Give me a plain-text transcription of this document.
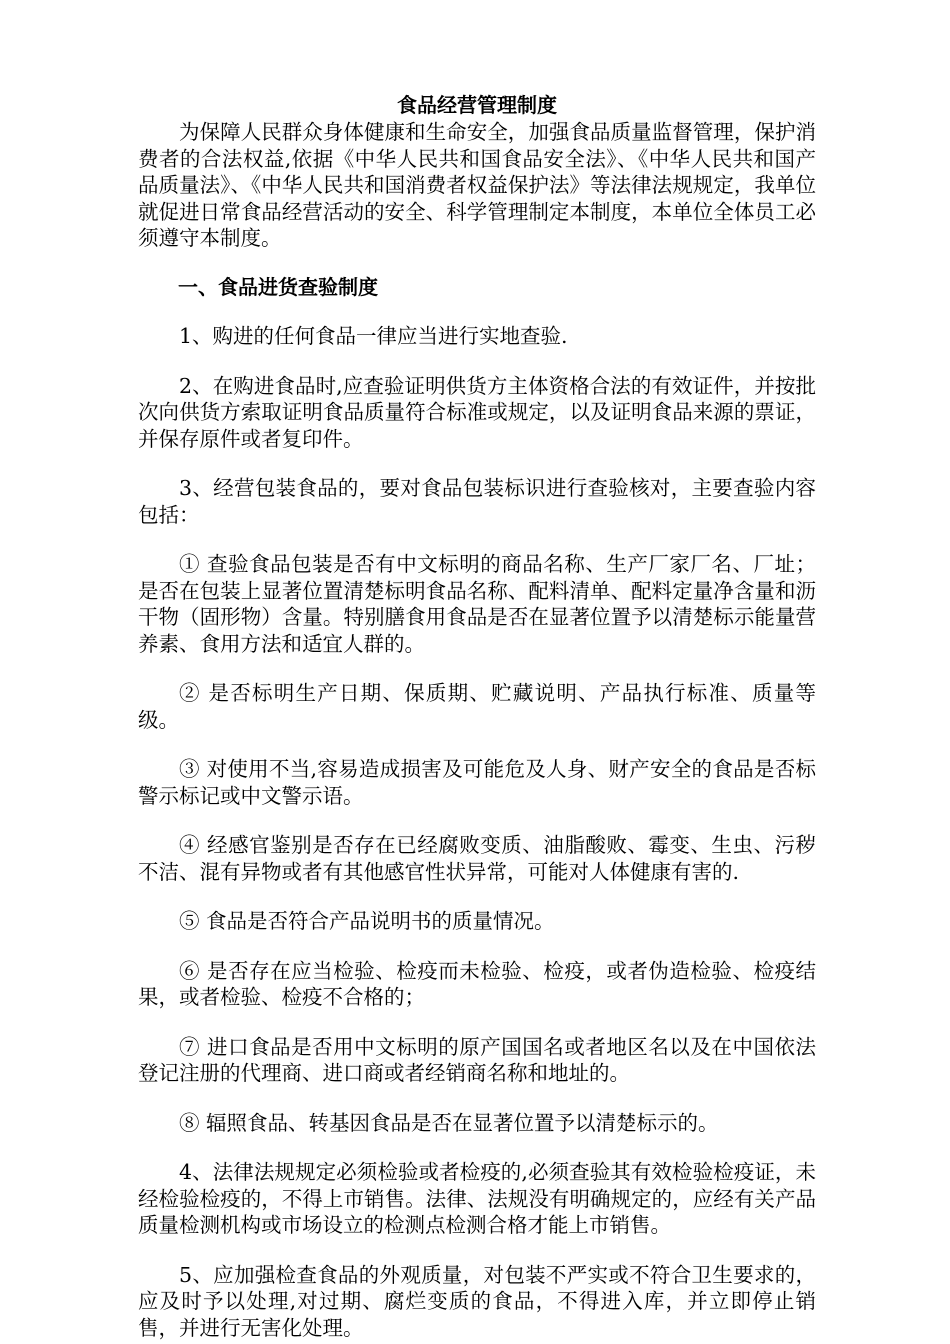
食品经营管理制度

为保障人民群众身体健康和生命安全，加强食品质量监督管理，保护消费者的合法权益,依据《中华人民共和国食品安全法》、《中华人民共和国产品质量法》、《中华人民共和国消费者权益保护法》等法律法规规定，我单位就促进日常食品经营活动的安全、科学管理制定本制度，本单位全体员工必须遵守本制度。

一、食品进货查验制度

1、购进的任何食品一律应当进行实地查验.

2、在购进食品时,应查验证明供货方主体资格合法的有效证件，并按批次向供货方索取证明食品质量符合标准或规定，以及证明食品来源的票证，并保存原件或者复印件。

3、经营包装食品的，要对食品包装标识进行查验核对，主要查验内容包括：

① 查验食品包装是否有中文标明的商品名称、生产厂家厂名、厂址；是否在包装上显著位置清楚标明食品名称、配料清单、配料定量净含量和沥干物（固形物）含量。特别膳食用食品是否在显著位置予以清楚标示能量营养素、食用方法和适宜人群的。

② 是否标明生产日期、保质期、贮藏说明、产品执行标准、质量等级。

③ 对使用不当,容易造成损害及可能危及人身、财产安全的食品是否标警示标记或中文警示语。

④ 经感官鉴别是否存在已经腐败变质、油脂酸败、霉变、生虫、污秽不洁、混有异物或者有其他感官性状异常，可能对人体健康有害的.

⑤ 食品是否符合产品说明书的质量情况。

⑥ 是否存在应当检验、检疫而未检验、检疫，或者伪造检验、检疫结果，或者检验、检疫不合格的；

⑦ 进口食品是否用中文标明的原产国国名或者地区名以及在中国依法登记注册的代理商、进口商或者经销商名称和地址的。

⑧ 辐照食品、转基因食品是否在显著位置予以清楚标示的。

4、法律法规规定必须检验或者检疫的,必须查验其有效检验检疫证，未经检验检疫的，不得上市销售。法律、法规没有明确规定的，应经有关产品质量检测机构或市场设立的检测点检测合格才能上市销售。

5、应加强检查食品的外观质量，对包装不严实或不符合卫生要求的，应及时予以处理,对过期、腐烂变质的食品，不得进入库，并立即停止销售，并进行无害化处理。
